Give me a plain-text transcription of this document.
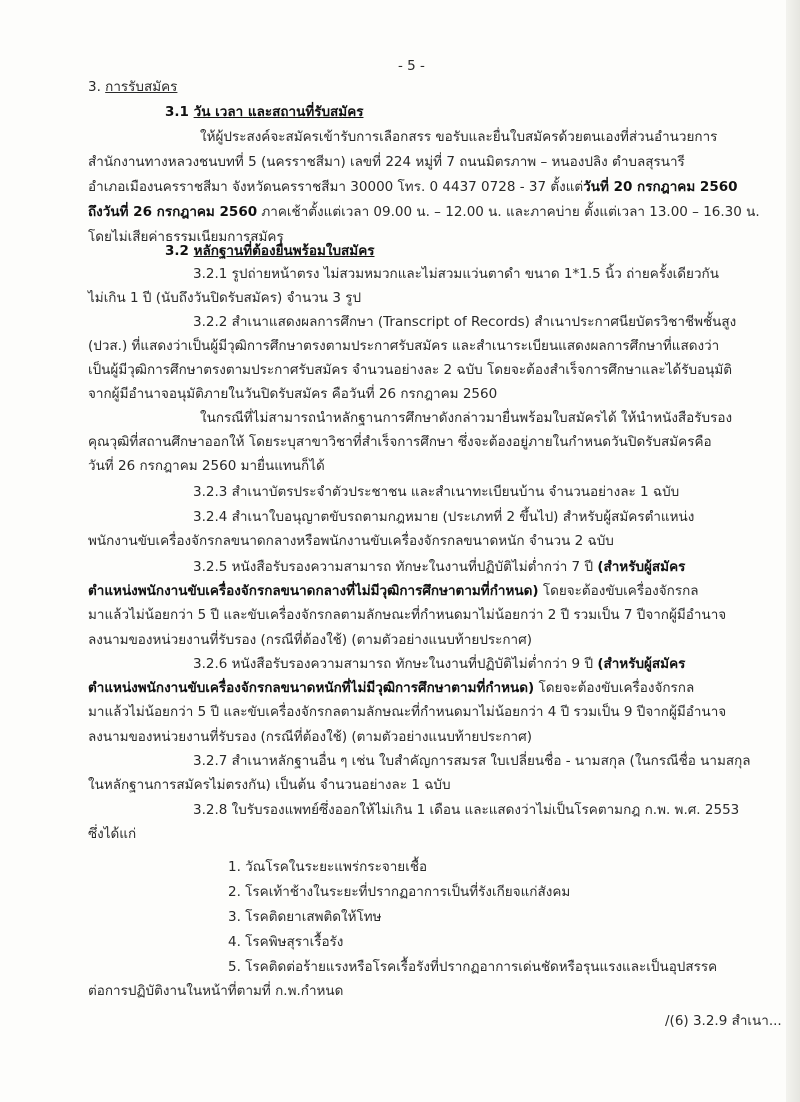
- 5 -
3. การรับสมัคร
3.1 วัน เวลา และสถานที่รับสมัคร
ให้ผู้ประสงค์จะสมัครเข้ารับการเลือกสรร ขอรับและยื่นใบสมัครด้วยตนเองที่ส่วนอำนวยการ
สำนักงานทางหลวงชนบทที่ 5 (นครราชสีมา) เลขที่ 224 หมู่ที่ 7 ถนนมิตรภาพ – หนองปลิง ตำบลสุรนารี
อำเภอเมืองนครราชสีมา จังหวัดนครราชสีมา 30000 โทร. 0 4437 0728 - 37 ตั้งแต่วันที่ 20 กรกฎาคม 2560
ถึงวันที่ 26 กรกฎาคม 2560 ภาคเช้าตั้งแต่เวลา 09.00 น. – 12.00 น. และภาคบ่าย ตั้งแต่เวลา 13.00 – 16.30 น.
โดยไม่เสียค่าธรรมเนียมการสมัคร
3.2 หลักฐานที่ต้องยื่นพร้อมใบสมัคร
3.2.1 รูปถ่ายหน้าตรง ไม่สวมหมวกและไม่สวมแว่นตาดำ ขนาด 1*1.5 นิ้ว ถ่ายครั้งเดียวกัน
ไม่เกิน 1 ปี (นับถึงวันปิดรับสมัคร) จำนวน 3 รูป
3.2.2 สำเนาแสดงผลการศึกษา (Transcript of Records) สำเนาประกาศนียบัตรวิชาชีพชั้นสูง
(ปวส.) ที่แสดงว่าเป็นผู้มีวุฒิการศึกษาตรงตามประกาศรับสมัคร และสำเนาระเบียนแสดงผลการศึกษาที่แสดงว่า
เป็นผู้มีวุฒิการศึกษาตรงตามประกาศรับสมัคร จำนวนอย่างละ 2 ฉบับ โดยจะต้องสำเร็จการศึกษาและได้รับอนุมัติ
จากผู้มีอำนาจอนุมัติภายในวันปิดรับสมัคร คือวันที่ 26 กรกฎาคม 2560
ในกรณีที่ไม่สามารถนำหลักฐานการศึกษาดังกล่าวมายื่นพร้อมใบสมัครได้ ให้นำหนังสือรับรอง
คุณวุฒิที่สถานศึกษาออกให้ โดยระบุสาขาวิชาที่สำเร็จการศึกษา ซึ่งจะต้องอยู่ภายในกำหนดวันปิดรับสมัครคือ
วันที่ 26 กรกฎาคม 2560 มายื่นแทนก็ได้
3.2.3 สำเนาบัตรประจำตัวประชาชน และสำเนาทะเบียนบ้าน จำนวนอย่างละ 1 ฉบับ
3.2.4 สำเนาใบอนุญาตขับรถตามกฎหมาย (ประเภทที่ 2 ขึ้นไป) สำหรับผู้สมัครตำแหน่ง
พนักงานขับเครื่องจักรกลขนาดกลางหรือพนักงานขับเครื่องจักรกลขนาดหนัก จำนวน 2 ฉบับ
3.2.5 หนังสือรับรองความสามารถ ทักษะในงานที่ปฏิบัติไม่ต่ำกว่า 7 ปี (สำหรับผู้สมัคร
ตำแหน่งพนักงานขับเครื่องจักรกลขนาดกลางที่ไม่มีวุฒิการศึกษาตามที่กำหนด) โดยจะต้องขับเครื่องจักรกล
มาแล้วไม่น้อยกว่า 5 ปี และขับเครื่องจักรกลตามลักษณะที่กำหนดมาไม่น้อยกว่า 2 ปี รวมเป็น 7 ปีจากผู้มีอำนาจ
ลงนามของหน่วยงานที่รับรอง (กรณีที่ต้องใช้) (ตามตัวอย่างแนบท้ายประกาศ)
3.2.6 หนังสือรับรองความสามารถ ทักษะในงานที่ปฏิบัติไม่ต่ำกว่า 9 ปี (สำหรับผู้สมัคร
ตำแหน่งพนักงานขับเครื่องจักรกลขนาดหนักที่ไม่มีวุฒิการศึกษาตามที่กำหนด) โดยจะต้องขับเครื่องจักรกล
มาแล้วไม่น้อยกว่า 5 ปี และขับเครื่องจักรกลตามลักษณะที่กำหนดมาไม่น้อยกว่า 4 ปี รวมเป็น 9 ปีจากผู้มีอำนาจ
ลงนามของหน่วยงานที่รับรอง (กรณีที่ต้องใช้) (ตามตัวอย่างแนบท้ายประกาศ)
3.2.7 สำเนาหลักฐานอื่น ๆ เช่น ใบสำคัญการสมรส ใบเปลี่ยนชื่อ - นามสกุล (ในกรณีชื่อ นามสกุล
ในหลักฐานการสมัครไม่ตรงกัน) เป็นต้น จำนวนอย่างละ 1 ฉบับ
3.2.8 ใบรับรองแพทย์ซึ่งออกให้ไม่เกิน 1 เดือน และแสดงว่าไม่เป็นโรคตามกฎ ก.พ. พ.ศ. 2553
ซึ่งได้แก่
1. วัณโรคในระยะแพร่กระจายเชื้อ
2. โรคเท้าช้างในระยะที่ปรากฏอาการเป็นที่รังเกียจแก่สังคม
3. โรคติดยาเสพติดให้โทษ
4. โรคพิษสุราเรื้อรัง
5. โรคติดต่อร้ายแรงหรือโรคเรื้อรังที่ปรากฏอาการเด่นชัดหรือรุนแรงและเป็นอุปสรรค
ต่อการปฏิบัติงานในหน้าที่ตามที่ ก.พ.กำหนด
/(6) 3.2.9 สำเนา...
